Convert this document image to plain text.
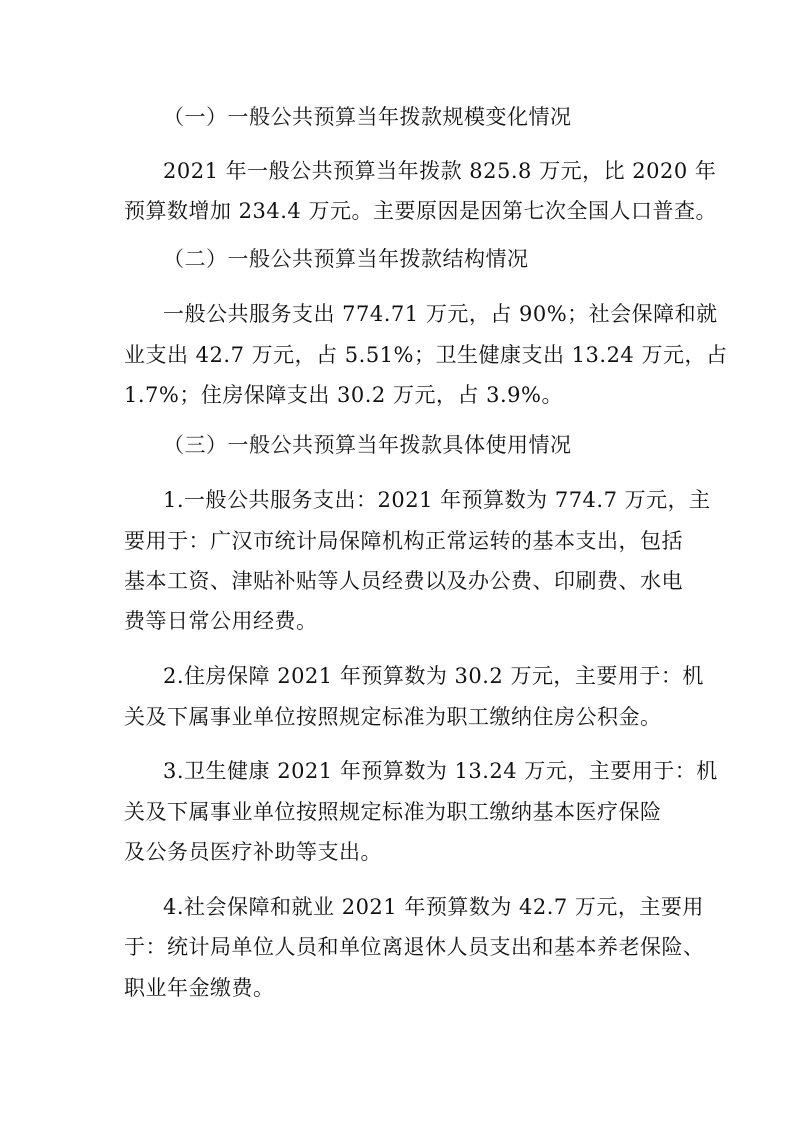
（一）一般公共预算当年拨款规模变化情况

2021 年一般公共预算当年拨款 825.8 万元，比 2020 年

预算数增加 234.4 万元。主要原因是因第七次全国人口普查。

（二）一般公共预算当年拨款结构情况

一般公共服务支出 774.71 万元，占 90%；社会保障和就

业支出 42.7 万元，占 5.51%；卫生健康支出 13.24 万元，占

1.7%；住房保障支出 30.2 万元，占 3.9%。

（三）一般公共预算当年拨款具体使用情况

1.一般公共服务支出：2021 年预算数为 774.7 万元，主

要用于：广汉市统计局保障机构正常运转的基本支出，包括

基本工资、津贴补贴等人员经费以及办公费、印刷费、水电

费等日常公用经费。

2.住房保障 2021 年预算数为 30.2 万元，主要用于：机

关及下属事业单位按照规定标准为职工缴纳住房公积金。

3.卫生健康 2021 年预算数为 13.24 万元，主要用于：机

关及下属事业单位按照规定标准为职工缴纳基本医疗保险

及公务员医疗补助等支出。

4.社会保障和就业 2021 年预算数为 42.7 万元，主要用

于：统计局单位人员和单位离退休人员支出和基本养老保险、

职业年金缴费。
